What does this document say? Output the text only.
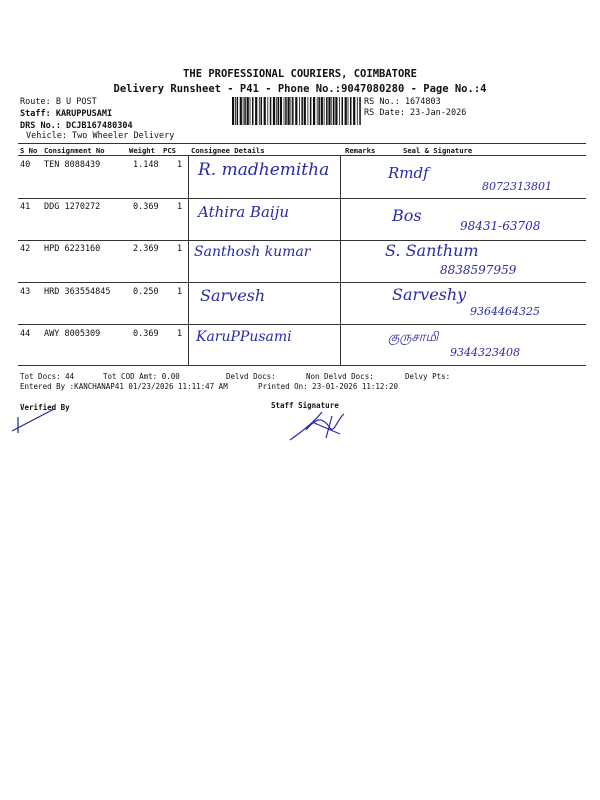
THE PROFESSIONAL COURIERS, COIMBATORE
Delivery Runsheet - P41 - Phone No.:9047080280 - Page No.:4
Route: B U POST
Staff: KARUPPUSAMI
DRS No.: DCJB167480304
Vehicle: Two Wheeler Delivery
RS No.: 1674803
RS Date: 23-Jan-2026
S No Consignment No	Weight PCS Consignee Details	Remarks	Seal & Signature
40 TEN 8088439	1.148 1 R. madhemitha	Rmdf
8072313801
41 DDG 1270272	0.369 1 Athira Baiju	Bos
98431-63708
42 HPD 6223160	2.369 1 Santhosh kumar	S. Santhum
8838597959
43 HRD 363554845	0.250 1 Sarvesh	Sarveshy
9364464325
44 AWY 8005309	0.369 1 KaruPPusami	குருசாமி
9344323408
Tot Docs: 44	Tot COD Amt: 0.00	Delvd Docs:	Non Delvd Docs:	Delvy Pts:
Entered By :KANCHANAP41 01/23/2026 11:11:47 AM	Printed On: 23-01-2026 11:12:20
Verified By	Staff Signature
